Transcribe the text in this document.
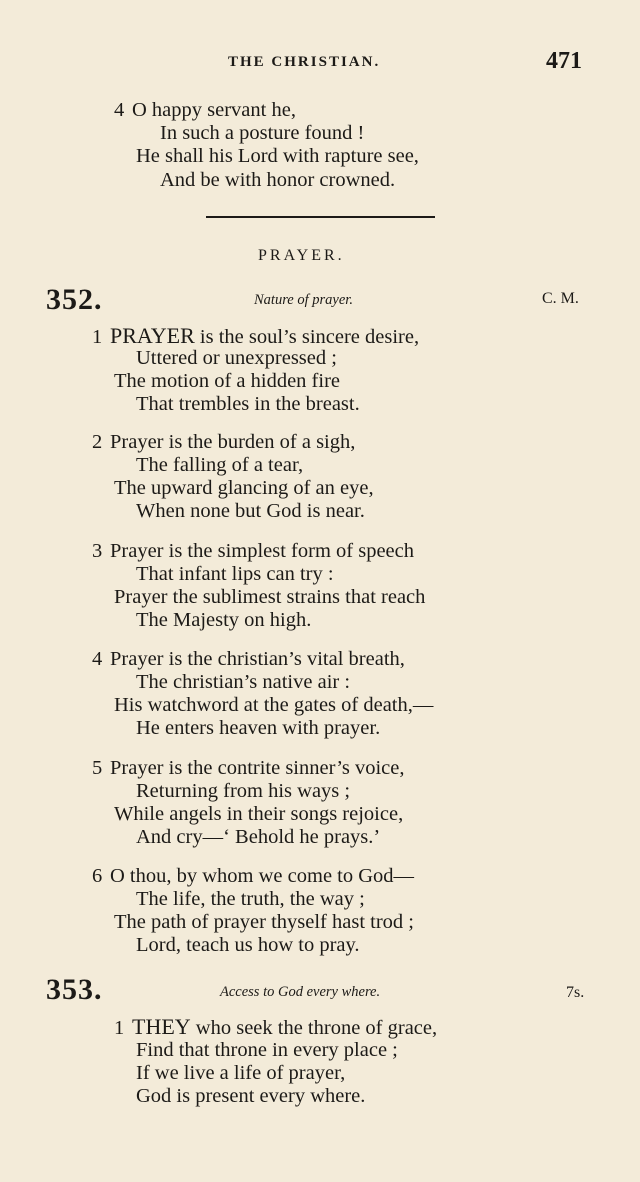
THE CHRISTIAN.	471
4 O happy servant he,
In such a posture found !
He shall his Lord with rapture see,
And be with honor crowned.
PRAYER.
352.	Nature of prayer.	C. M.
1 PRAYER is the soul’s sincere desire,
Uttered or unexpressed ;
The motion of a hidden fire
That trembles in the breast.
2 Prayer is the burden of a sigh,
The falling of a tear,
The upward glancing of an eye,
When none but God is near.
3 Prayer is the simplest form of speech
That infant lips can try :
Prayer the sublimest strains that reach
The Majesty on high.
4 Prayer is the christian’s vital breath,
The christian’s native air :
His watchword at the gates of death,—
He enters heaven with prayer.
5 Prayer is the contrite sinner’s voice,
Returning from his ways ;
While angels in their songs rejoice,
And cry—‘ Behold he prays.’
6 O thou, by whom we come to God—
The life, the truth, the way ;
The path of prayer thyself hast trod ;
Lord, teach us how to pray.
353.	Access to God every where.	7s.
1 THEY who seek the throne of grace,
Find that throne in every place ;
If we live a life of prayer,
God is present every where.
